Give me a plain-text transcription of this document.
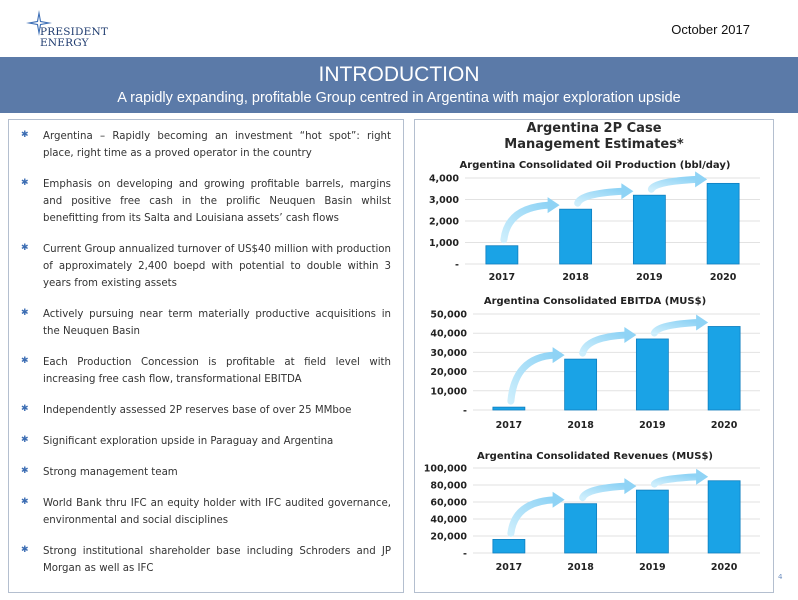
PRESIDENT
ENERGY
October 2017
INTRODUCTION
A rapidly expanding, profitable Group centred in Argentina with major exploration upside
✱ Argentina – Rapidly becoming an investment “hot spot”: right place, right time as a proved operator in the country
✱ Emphasis on developing and growing profitable barrels, margins and positive free cash in the prolific Neuquen Basin whilst benefitting from its Salta and Louisiana assets’ cash flows
✱ Current Group annualized turnover of US$40 million with production of approximately 2,400 boepd with potential to double within 3 years from existing assets
✱ Actively pursuing near term materially productive acquisitions in the Neuquen Basin
✱ Each Production Concession is profitable at field level with increasing free cash flow, transformational EBITDA
✱ Independently assessed 2P reserves base of over 25 MMboe
✱ Significant exploration upside in Paraguay and Argentina
✱ Strong management team
✱ World Bank thru IFC an equity holder with IFC audited governance, environmental and social disciplines
✱ Strong institutional shareholder base including Schroders and JP Morgan as well as IFC
Argentina 2P Case
Management Estimates*
Argentina Consolidated Oil Production (bbl/day)
-
1,000
2,000
3,000
4,000
2017	2018	2019	2020
Argentina Consolidated EBITDA (MUS$)
-
10,000
20,000
30,000
40,000
50,000
2017	2018	2019	2020
Argentina Consolidated Revenues (MUS$)
-
20,000
40,000
60,000
80,000
100,000
2017	2018	2019	2020
4
